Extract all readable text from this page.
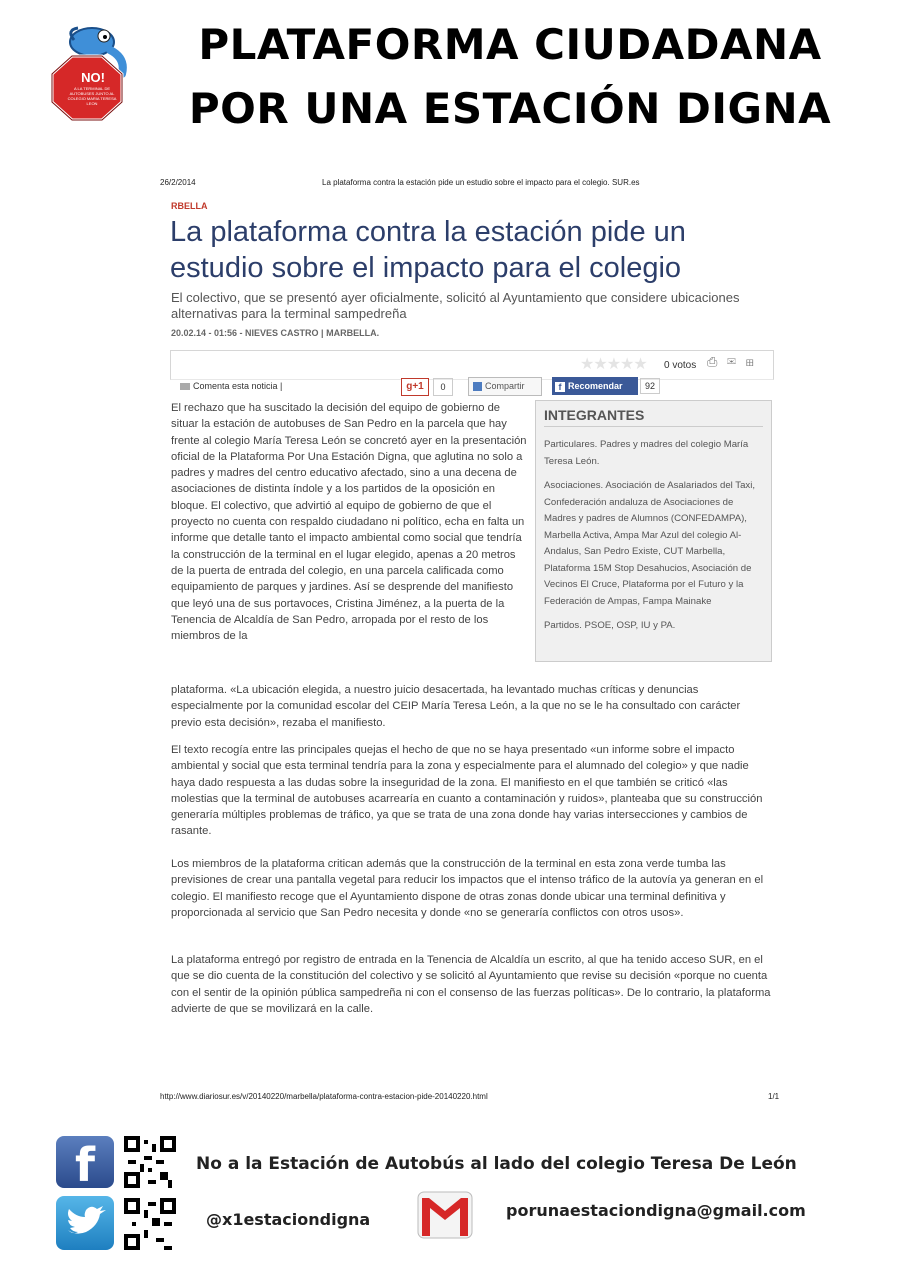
NO!
A LA TERMINAL DE AUTOBUSES JUNTO AL COLEGIO MARIA TERESA LEON
PLATAFORMA CIUDADANA
POR UNA ESTACIÓN DIGNA
26/2/2014	La plataforma contra la estación pide un estudio sobre el impacto para el colegio. SUR.es
RBELLA
La plataforma contra la estación pide un estudio sobre el impacto para el colegio
El colectivo, que se presentó ayer oficialmente, solicitó al Ayuntamiento que considere ubicaciones alternativas para la terminal sampedreña
20.02.14 - 01:56 - NIEVES CASTRO | MARBELLA.
★★★★★ 0 votos ⎙ ✉ ⊞
Comenta esta noticia |	g+1	0	Compartir	f Recomendar	92
El rechazo que ha suscitado la decisión del equipo de gobierno de situar la estación de autobuses de San Pedro en la parcela que hay frente al colegio María Teresa León se concretó ayer en la presentación oficial de la Plataforma Por Una Estación Digna, que aglutina no solo a padres y madres del centro educativo afectado, sino a una decena de asociaciones de distinta índole y a los partidos de la oposición en bloque. El colectivo, que advirtió al equipo de gobierno de que el proyecto no cuenta con respaldo ciudadano ni político, echa en falta un informe que detalle tanto el impacto ambiental como social que tendría la construcción de la terminal en el lugar elegido, apenas a 20 metros de la puerta de entrada del colegio, en una parcela calificada como equipamiento de parques y jardines. Así se desprende del manifiesto que leyó una de sus portavoces, Cristina Jiménez, a la puerta de la Tenencia de Alcaldía de San Pedro, arropada por el resto de los miembros de la
INTEGRANTES

Particulares. Padres y madres del colegio María Teresa León.

Asociaciones. Asociación de Asalariados del Taxi, Confederación andaluza de Asociaciones de Madres y padres de Alumnos (CONFEDAMPA), Marbella Activa, Ampa Mar Azul del colegio Al-Andalus, San Pedro Existe, CUT Marbella, Plataforma 15M Stop Desahucios, Asociación de Vecinos El Cruce, Plataforma por el Futuro y la Federación de Ampas, Fampa Mainake

Partidos. PSOE, OSP, IU y PA.

plataforma. «La ubicación elegida, a nuestro juicio desacertada, ha levantado muchas críticas y denuncias especialmente por la comunidad escolar del CEIP María Teresa León, a la que no se le ha consultado con carácter previo esta decisión», rezaba el manifiesto.
El texto recogía entre las principales quejas el hecho de que no se haya presentado «un informe sobre el impacto ambiental y social que esta terminal tendría para la zona y especialmente para el alumnado del colegio» y que nadie haya dado respuesta a las dudas sobre la inseguridad de la zona. El manifiesto en el que también se criticó «las molestias que la terminal de autobuses acarrearía en cuanto a contaminación y ruidos», planteaba que su construcción generaría múltiples problemas de tráfico, ya que se trata de una zona donde hay varias intersecciones y cambios de rasante.
Los miembros de la plataforma critican además que la construcción de la terminal en esta zona verde tumba las previsiones de crear una pantalla vegetal para reducir los impactos que el intenso tráfico de la autovía ya generan en el colegio. El manifiesto recoge que el Ayuntamiento dispone de otras zonas donde ubicar una terminal definitiva y proporcionada al servicio que San Pedro necesita y donde «no se generaría conflictos con otros usos».
La plataforma entregó por registro de entrada en la Tenencia de Alcaldía un escrito, al que ha tenido acceso SUR, en el que se dio cuenta de la constitución del colectivo y se solicitó al Ayuntamiento que revise su decisión «porque no cuenta con el sentir de la opinión pública sampedreña ni con el consenso de las fuerzas políticas». De lo contrario, la plataforma advierte de que se movilizará en la calle.
http://www.diariosur.es/v/20140220/marbella/plataforma-contra-estacion-pide-20140220.html	1/1
f	No a la Estación de Autobús al lado del colegio Teresa De León
@x1estaciondigna	porunaestaciondigna@gmail.com
